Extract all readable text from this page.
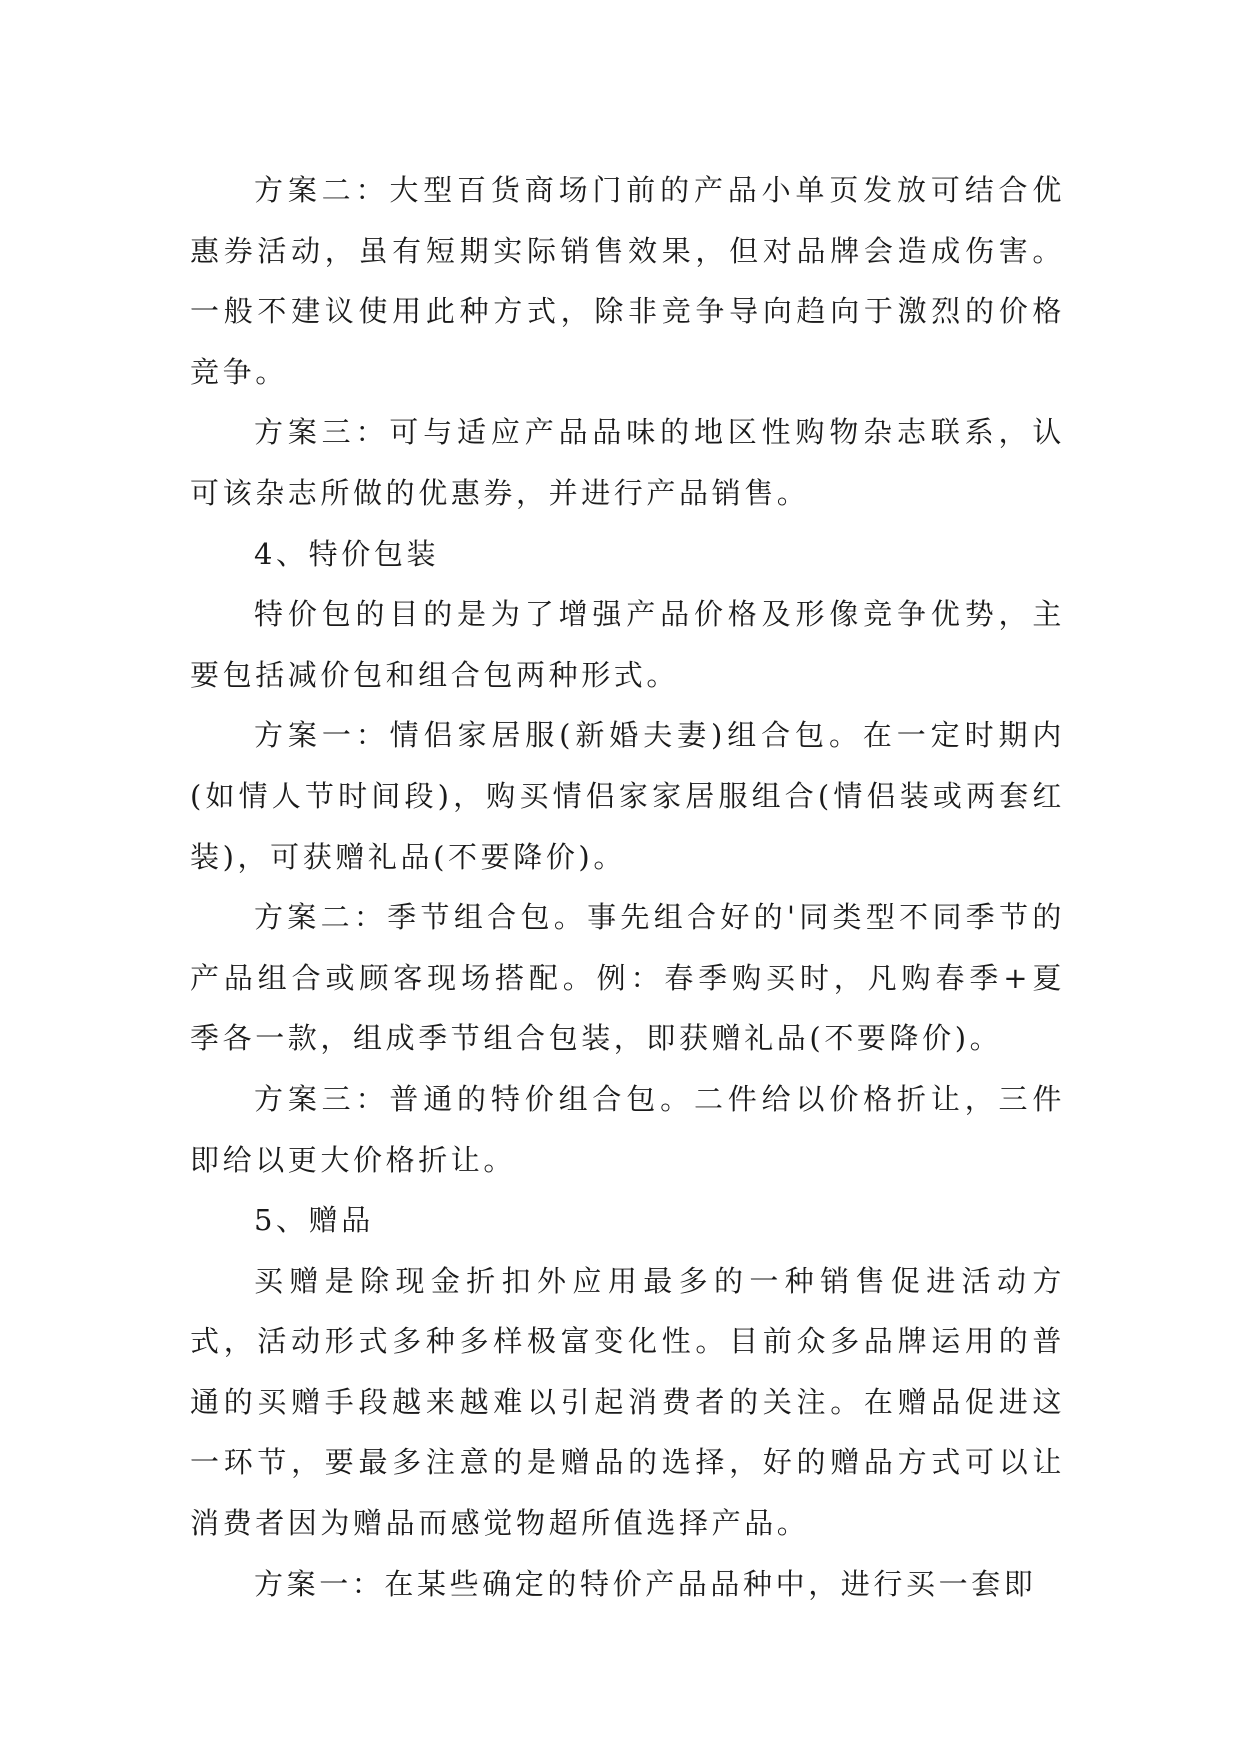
方案二：大型百货商场门前的产品小单页发放可结合优惠券活动，虽有短期实际销售效果，但对品牌会造成伤害。一般不建议使用此种方式，除非竞争导向趋向于激烈的价格竞争。

方案三：可与适应产品品味的地区性购物杂志联系，认可该杂志所做的优惠券，并进行产品销售。

4、特价包装

特价包的目的是为了增强产品价格及形像竞争优势，主要包括减价包和组合包两种形式。

方案一：情侣家居服(新婚夫妻)组合包。在一定时期内(如情人节时间段)，购买情侣家家居服组合(情侣装或两套红装)，可获赠礼品(不要降价)。

方案二：季节组合包。事先组合好的'同类型不同季节的产品组合或顾客现场搭配。例：春季购买时，凡购春季+夏季各一款，组成季节组合包装，即获赠礼品(不要降价)。

方案三：普通的特价组合包。二件给以价格折让，三件即给以更大价格折让。

5、赠品

买赠是除现金折扣外应用最多的一种销售促进活动方式，活动形式多种多样极富变化性。目前众多品牌运用的普通的买赠手段越来越难以引起消费者的关注。在赠品促进这一环节，要最多注意的是赠品的选择，好的赠品方式可以让消费者因为赠品而感觉物超所值选择产品。

方案一：在某些确定的特价产品品种中，进行买一套即
